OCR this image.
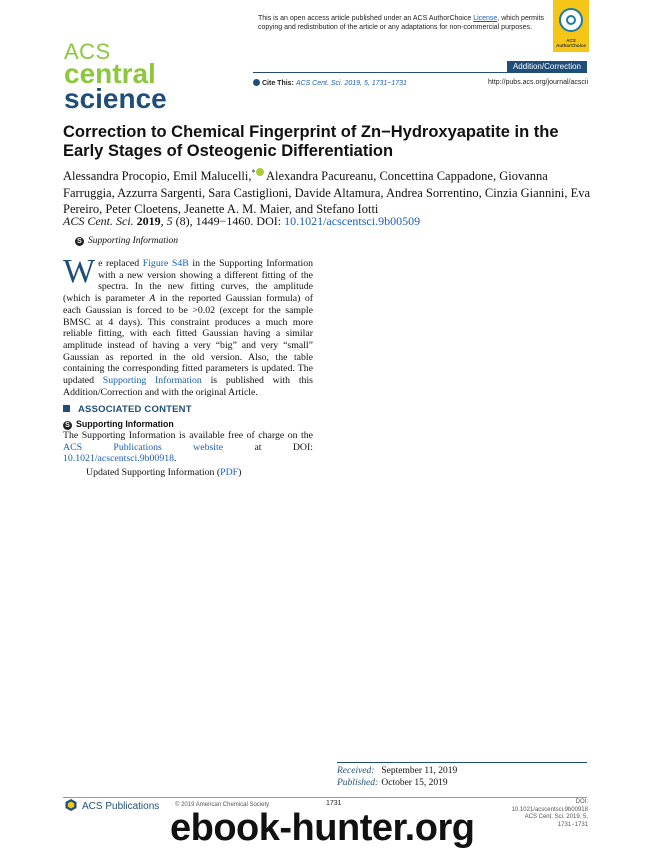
ACS
central
science
This is an open access article published under an ACS AuthorChoice License, which permits copying and redistribution of the article or any adaptations for non-commercial purposes.
ACS AuthorChoice
Addition/Correction
Cite This: ACS Cent. Sci. 2019, 5, 1731−1731	http://pubs.acs.org/journal/acscii
Correction to Chemical Fingerprint of Zn−Hydroxyapatite in the Early Stages of Osteogenic Differentiation
Alessandra Procopio, Emil Malucelli,* Alexandra Pacureanu, Concettina Cappadone, Giovanna Farruggia, Azzurra Sargenti, Sara Castiglioni, Davide Altamura, Andrea Sorrentino, Cinzia Giannini, Eva Pereiro, Peter Cloetens, Jeanette A. M. Maier, and Stefano Iotti
ACS Cent. Sci. 2019, 5 (8), 1449−1460. DOI: 10.1021/acscentsci.9b00509
S Supporting Information
We replaced Figure S4B in the Supporting Information with a new version showing a different fitting of the spectra. In the new fitting curves, the amplitude (which is parameter A in the reported Gaussian formula) of each Gaussian is forced to be >0.02 (except for the sample BMSC at 4 days). This constraint produces a much more reliable fitting, with each fitted Gaussian having a similar amplitude instead of having a very “big” and very “small” Gaussian as reported in the old version. Also, the table containing the corresponding fitted parameters is updated. The updated Supporting Information is published with this Addition/Correction and with the original Article.
ASSOCIATED CONTENT
S Supporting Information
The Supporting Information is available free of charge on the ACS Publications website at DOI: 10.1021/acscentsci.9b00918.
Updated Supporting Information (PDF)
Received: September 11, 2019
Published: October 15, 2019
ACS Publications	© 2019 American Chemical Society	1731	DOI: 10.1021/acscentsci.9b00918
ACS Cent. Sci. 2019, 5, 1731−1731
ebook-hunter.org
